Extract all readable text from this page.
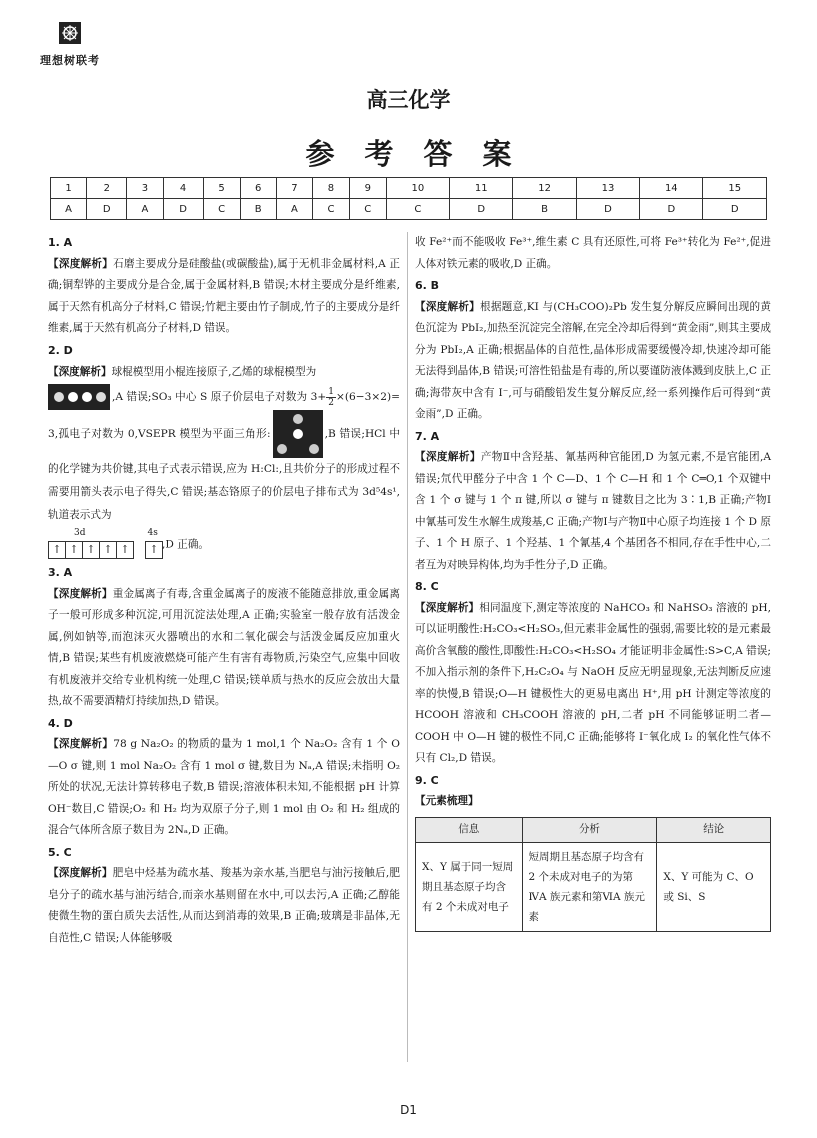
理想树联考
高三化学
参考答案
1	2	3	4	5	6	7	8	9	10	11	12	13	14	15
A	D	A	D	C	B	A	C	C	C	D	B	D	D	D

1. A

【深度解析】石磨主要成分是硅酸盐(或碳酸盐),属于无机非金属材料,A 正确;铜犁铧的主要成分是合金,属于金属材料,B 错误;木材主要成分是纤维素,属于天然有机高分子材料,C 错误;竹耙主要由竹子制成,竹子的主要成分是纤维素,属于天然有机高分子材料,D 错误。

2. D

【深度解析】球棍模型用小棍连接原子,乙烯的球棍模型为

,A 错误;SO₃ 中心 S 原子价层电子对数为 $3+ \frac{1}{2} \times(6-3\times 2)= 3$,孤电子对数为 0,VSEPR 模型为平面三角形:	,B 错误;HCl 中的化学键为共价键,其电子式表示错误,应为 H:Cl:,且共价分子的形成过程不需要用箭头表示电子得失,C 错误;基态铬原子的价层电子排布式为 3d⁵4s¹,轨道表示式为

3d	4s
↑ ↑ ↑ ↑ ↑ ↑ ,D 正确。

3. A

【深度解析】重金属离子有毒,含重金属离子的废液不能随意排放,重金属离子一般可形成多种沉淀,可用沉淀法处理,A 正确;实验室一般存放有活泼金属,例如钠等,而泡沫灭火器喷出的水和二氧化碳会与活泼金属反应加重火情,B 错误;某些有机废液燃烧可能产生有害有毒物质,污染空气,应集中回收有机废液并交给专业机构统一处理,C 错误;镁单质与热水的反应会放出大量热,故不需要酒精灯持续加热,D 错误。

4. D

【深度解析】78 g Na₂O₂ 的物质的量为 1 mol,1 个 Na₂O₂ 含有 1 个 O—O σ 键,则 1 mol Na₂O₂ 含有 1 mol σ 键,数目为 Nₐ,A 错误;未指明 O₂ 所处的状况,无法计算转移电子数,B 错误;溶液体积未知,不能根据 pH 计算 OH⁻数目,C 错误;O₂ 和 H₂ 均为双原子分子,则 1 mol 由 O₂ 和 H₂ 组成的混合气体所含原子数目为 2Nₐ,D 正确。

5. C

【深度解析】肥皂中烃基为疏水基、羧基为亲水基,当肥皂与油污接触后,肥皂分子的疏水基与油污结合,而亲水基则留在水中,可以去污,A 正确;乙醇能使微生物的蛋白质失去活性,从而达到消毒的效果,B 正确;玻璃是非晶体,无自范性,C 错误;人体能够吸

收 Fe²⁺而不能吸收 Fe³⁺,维生素 C 具有还原性,可将 Fe³⁺转化为 Fe²⁺,促进人体对铁元素的吸收,D 正确。

6. B

【深度解析】根据题意,KI 与(CH₃COO)₂Pb 发生复分解反应瞬间出现的黄色沉淀为 PbI₂,加热至沉淀完全溶解,在完全冷却后得到“黄金雨”,则其主要成分为 PbI₂,A 正确;根据晶体的自范性,晶体形成需要缓慢冷却,快速冷却可能无法得到晶体,B 错误;可溶性铅盐是有毒的,所以要谨防液体溅到皮肤上,C 正确;海带灰中含有 I⁻,可与硝酸铅发生复分解反应,经一系列操作后可得到“黄金雨”,D 正确。

7. A

【深度解析】产物Ⅱ中含羟基、氰基两种官能团,D 为氢元素,不是官能团,A 错误;氘代甲醛分子中含 1 个 C—D、1 个 C—H 和 1 个 C═O,1 个双键中含 1 个 σ 键与 1 个 π 键,所以 σ 键与 π 键数目之比为 3∶1,B 正确;产物Ⅰ中氰基可发生水解生成羧基,C 正确;产物Ⅰ与产物Ⅱ中心原子均连接 1 个 D 原子、1 个 H 原子、1 个羟基、1 个氰基,4 个基团各不相同,存在手性中心,二者互为对映异构体,均为手性分子,D 正确。

8. C

【深度解析】相同温度下,测定等浓度的 NaHCO₃ 和 NaHSO₃ 溶液的 pH,可以证明酸性:H₂CO₃<H₂SO₃,但元素非金属性的强弱,需要比较的是元素最高价含氧酸的酸性,即酸性:H₂CO₃<H₂SO₄ 才能证明非金属性:S>C,A 错误;不加入指示剂的条件下,H₂C₂O₄ 与 NaOH 反应无明显现象,无法判断反应速率的快慢,B 错误;O—H 键极性大的更易电离出 H⁺,用 pH 计测定等浓度的 HCOOH 溶液和 CH₃COOH 溶液的 pH,二者 pH 不同能够证明二者—COOH 中 O—H 键的极性不同,C 正确;能够将 I⁻氧化成 I₂ 的氧化性气体不只有 Cl₂,D 错误。

9. C

【元素梳理】

信息	分析	结论
X、Y 属于同一短周期且基态原子均含有 2 个未成对电子	短周期且基态原子均含有 2 个未成对电子的为第ⅣA 族元素和第ⅥA 族元素	X、Y 可能为 C、O 或 Si、S
D1
